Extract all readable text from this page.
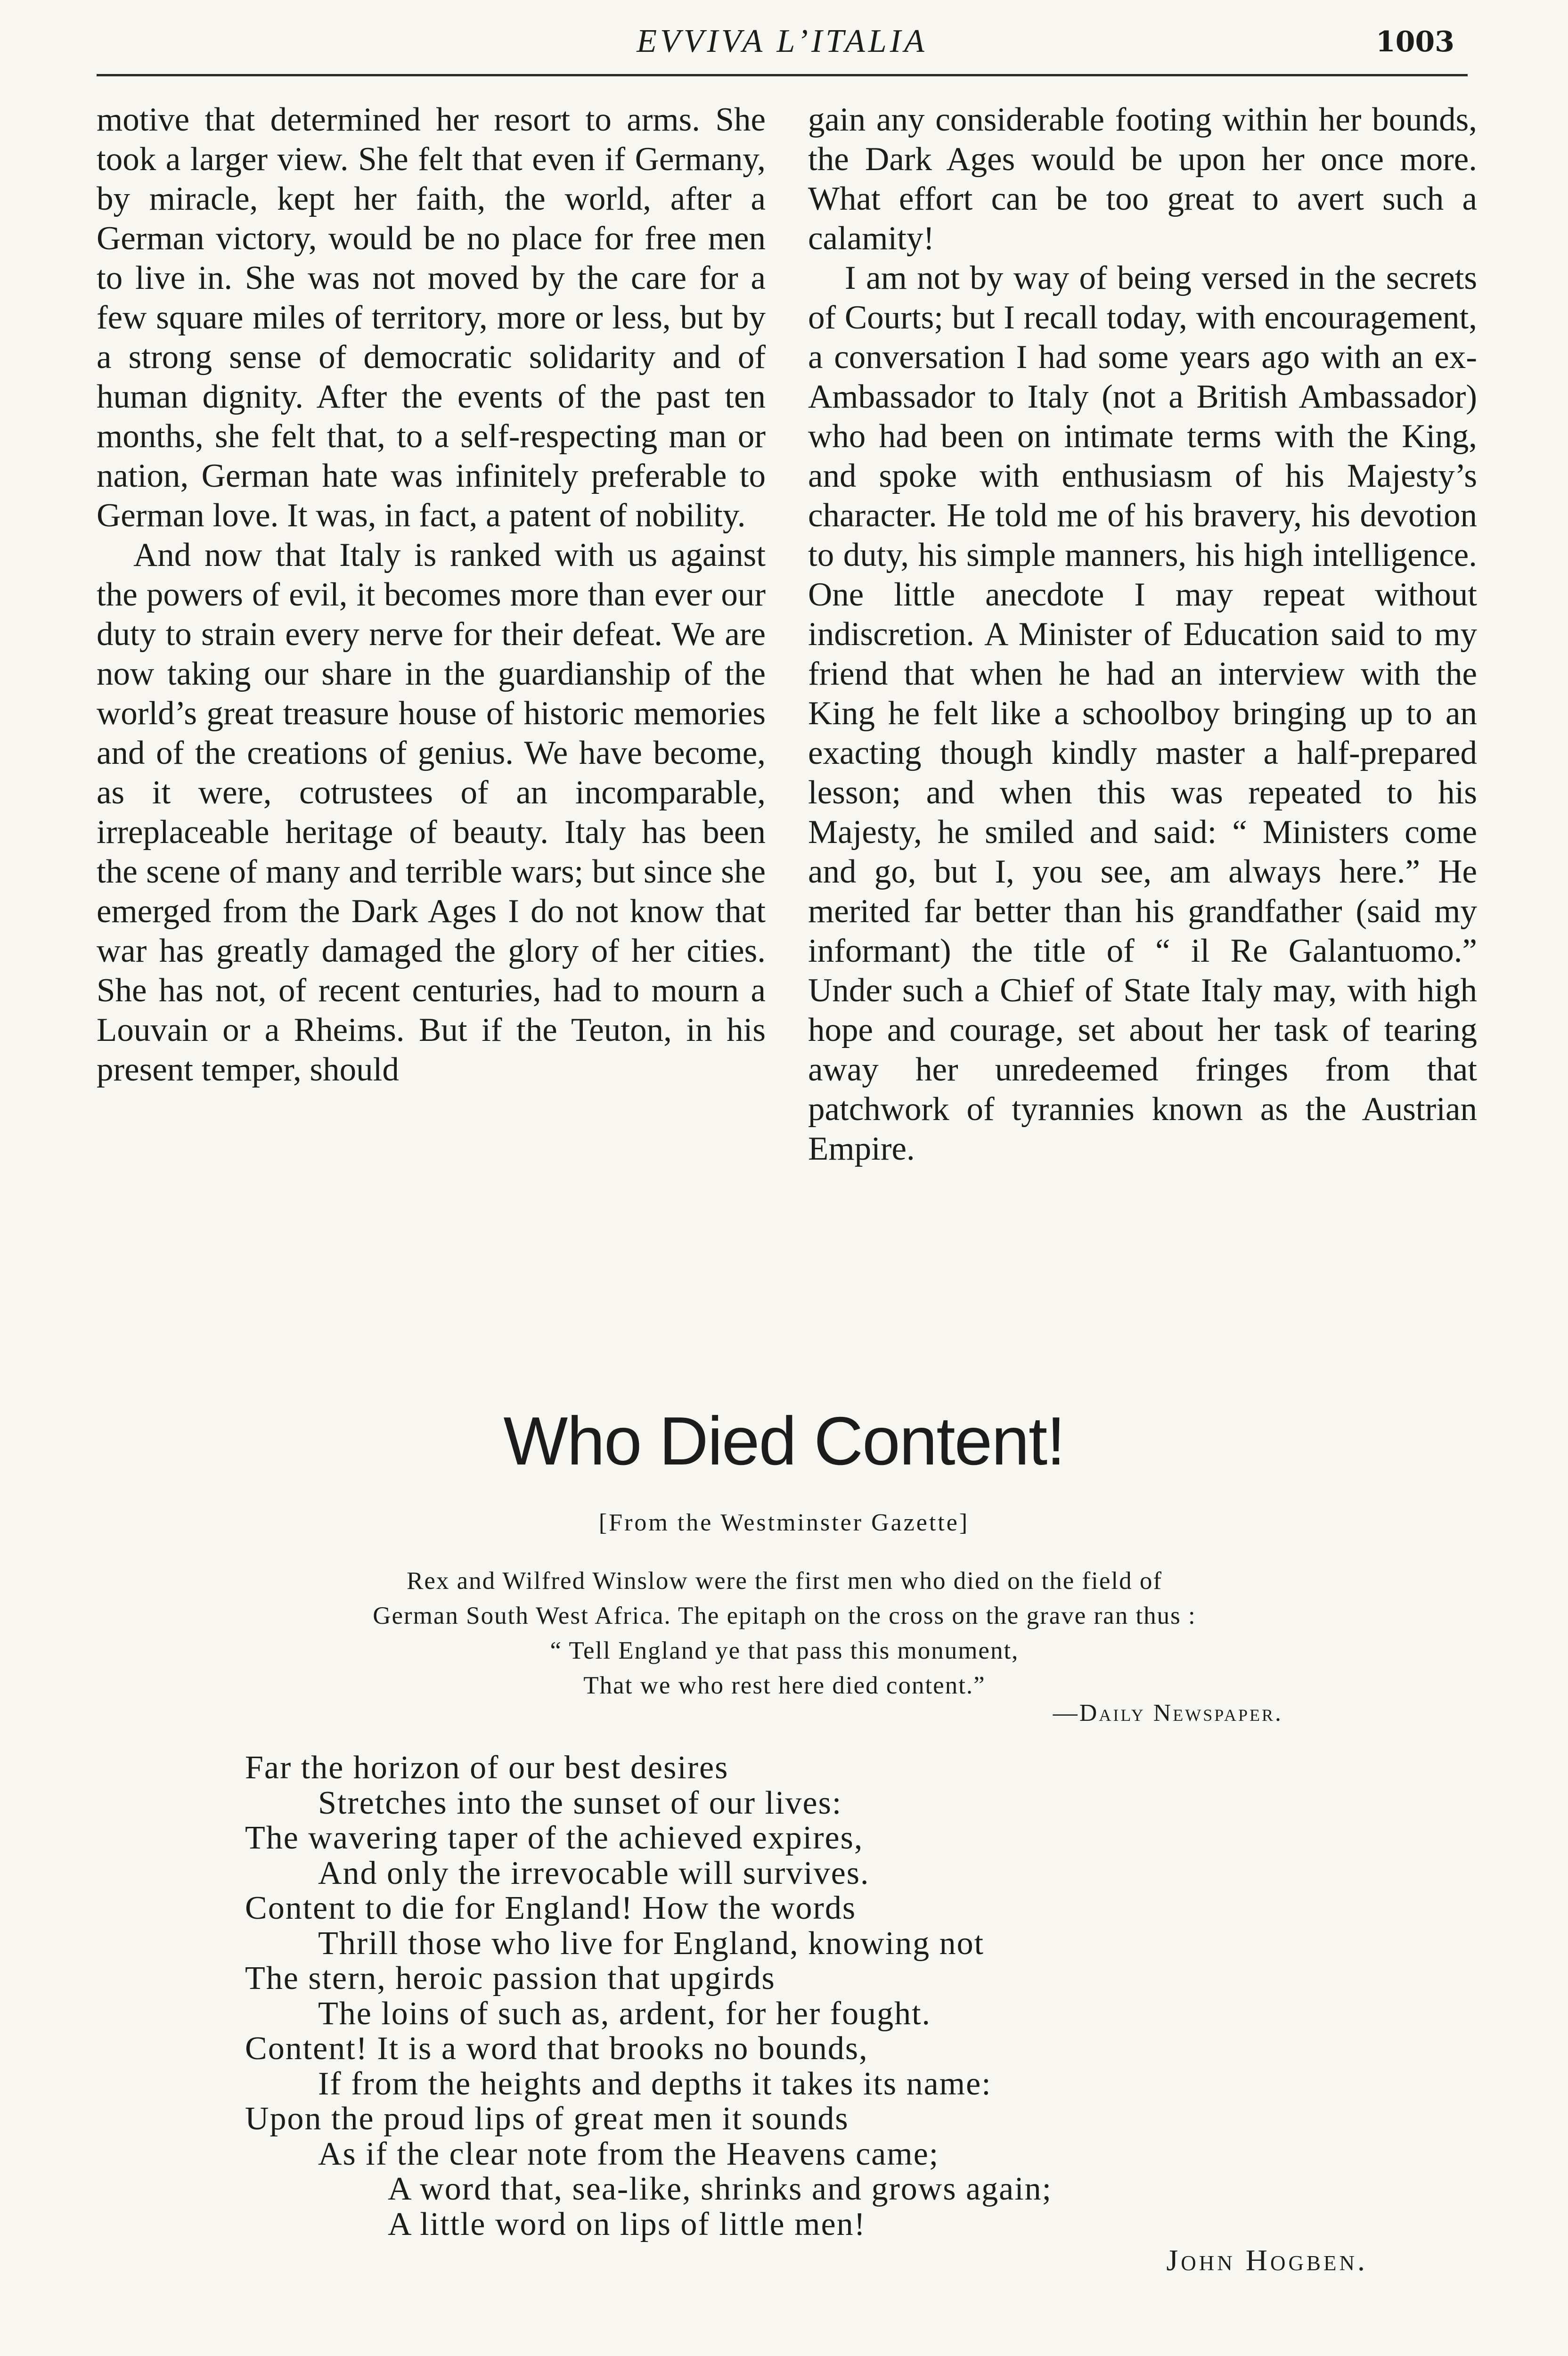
EVVIVA L’ITALIA	1003

motive that determined her resort to arms. She took a larger view. She felt that even if Germany, by miracle, kept her faith, the world, after a German victory, would be no place for free men to live in. She was not moved by the care for a few square miles of territory, more or less, but by a strong sense of democratic solidarity and of human dignity. After the events of the past ten months, she felt that, to a self-respecting man or nation, German hate was infinitely preferable to German love. It was, in fact, a patent of nobility.

And now that Italy is ranked with us against the powers of evil, it becomes more than ever our duty to strain every nerve for their defeat. We are now taking our share in the guardianship of the world’s great treasure house of historic memories and of the creations of genius. We have become, as it were, cotrustees of an incomparable, irreplaceable heritage of beauty. Italy has been the scene of many and terrible wars; but since she emerged from the Dark Ages I do not know that war has greatly damaged the glory of her cities. She has not, of recent centuries, had to mourn a Louvain or a Rheims. But if the Teuton, in his present temper, should

gain any considerable footing within her bounds, the Dark Ages would be upon her once more. What effort can be too great to avert such a calamity!

I am not by way of being versed in the secrets of Courts; but I recall today, with encouragement, a conversation I had some years ago with an ex-Ambassador to Italy (not a British Ambassador) who had been on intimate terms with the King, and spoke with enthusiasm of his Majesty’s character. He told me of his bravery, his devotion to duty, his simple manners, his high intelligence. One little anecdote I may repeat without indiscretion. A Minister of Education said to my friend that when he had an interview with the King he felt like a schoolboy bringing up to an exacting though kindly master a half-prepared lesson; and when this was repeated to his Majesty, he smiled and said: “ Ministers come and go, but I, you see, am always here.” He merited far better than his grandfather (said my informant) the title of “ il Re Galantuomo.” Under such a Chief of State Italy may, with high hope and courage, set about her task of tearing away her unredeemed fringes from that patchwork of tyrannies known as the Austrian Empire.

Who Died Content!
[From the Westminster Gazette]
Rex and Wilfred Winslow were the first men who died on the field of
German South West Africa. The epitaph on the cross on the grave ran thus :
“ Tell England ye that pass this monument,
That we who rest here died content.”
—Daily Newspaper.
Far the horizon of our best desires
Stretches into the sunset of our lives:
The wavering taper of the achieved expires,
And only the irrevocable will survives.
Content to die for England! How the words
Thrill those who live for England, knowing not
The stern, heroic passion that upgirds
The loins of such as, ardent, for her fought.
Content! It is a word that brooks no bounds,
If from the heights and depths it takes its name:
Upon the proud lips of great men it sounds
As if the clear note from the Heavens came;
A word that, sea-like, shrinks and grows again;
A little word on lips of little men!
John Hogben.
